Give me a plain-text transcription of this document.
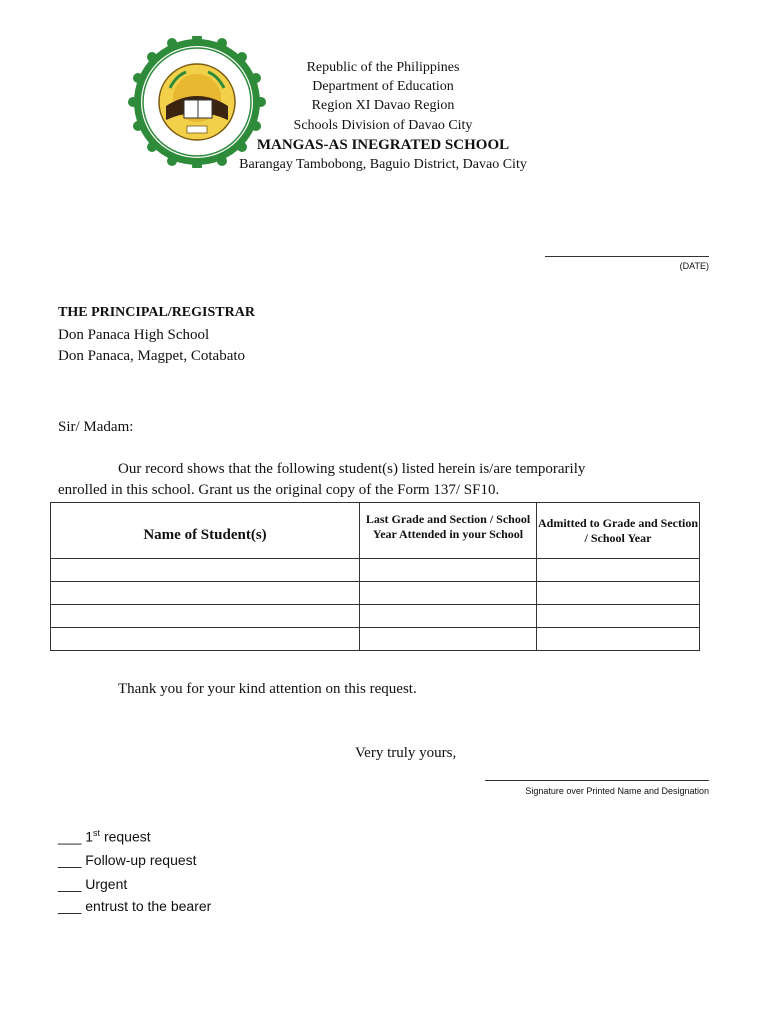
Republic of the Philippines
Department of Education
Region XI Davao Region
Schools Division of Davao City
MANGAS-AS INEGRATED SCHOOL
Barangay Tambobong, Baguio District, Davao City
(DATE)
THE PRINCIPAL/REGISTRAR
Don Panaca High School
Don Panaca, Magpet, Cotabato
Sir/ Madam:
Our record shows that the following student(s) listed herein is/are temporarily
enrolled in this school. Grant us the original copy of the Form 137/ SF10.
Name of Student(s)	Last Grade and Section / School Year Attended in your School	Admitted to Grade and Section / School Year

Thank you for your kind attention on this request.
Very truly yours,
Signature over Printed Name and Designation
___ 1st request
___ Follow-up request
___ Urgent
___ entrust to the bearer
